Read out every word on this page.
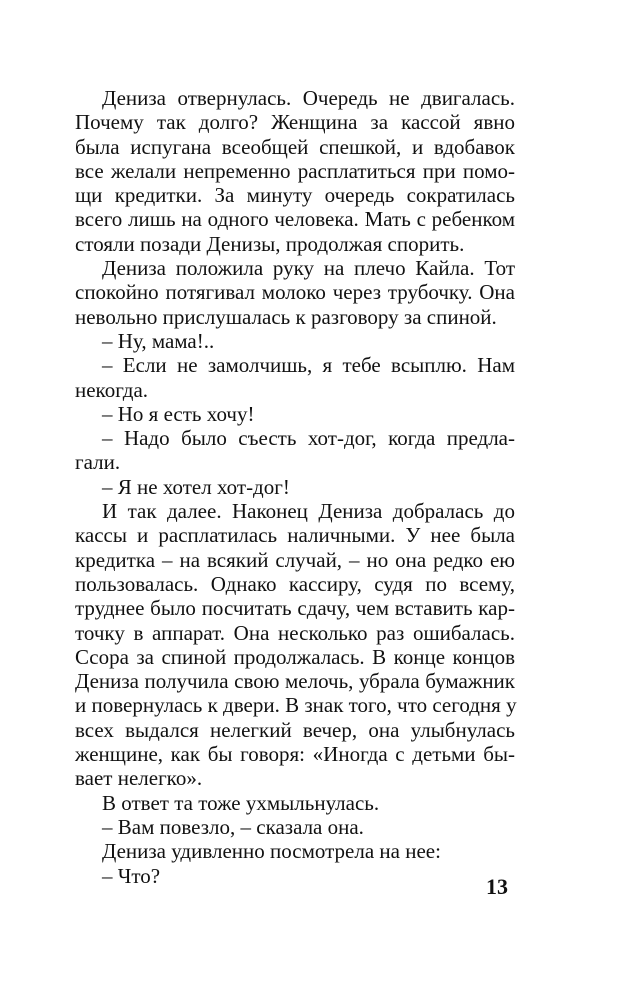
Дениза отвернулась. Очередь не двигалась.
Почему так долго? Женщина за кассой явно
была испугана всеобщей спешкой, и вдобавок
все желали непременно расплатиться при помо-
щи кредитки. За минуту очередь сократилась
всего лишь на одного человека. Мать с ребенком
стояли позади Денизы, продолжая спорить.
Дениза положила руку на плечо Кайла. Тот
спокойно потягивал молоко через трубочку. Она
невольно прислушалась к разговору за спиной.
– Ну, мама!..
– Если не замолчишь, я тебе всыплю. Нам
некогда.
– Но я есть хочу!
– Надо было съесть хот-дог, когда предла-
гали.
– Я не хотел хот-дог!
И так далее. Наконец Дениза добралась до
кассы и расплатилась наличными. У нее была
кредитка – на всякий случай, – но она редко ею
пользовалась. Однако кассиру, судя по всему,
труднее было посчитать сдачу, чем вставить кар-
точку в аппарат. Она несколько раз ошибалась.
Ссора за спиной продолжалась. В конце концов
Дениза получила свою мелочь, убрала бумажник
и повернулась к двери. В знак того, что сегодня у
всех выдался нелегкий вечер, она улыбнулась
женщине, как бы говоря: «Иногда с детьми бы-
вает нелегко».
В ответ та тоже ухмыльнулась.
– Вам повезло, – сказала она.
Дениза удивленно посмотрела на нее:
– Что?	13
